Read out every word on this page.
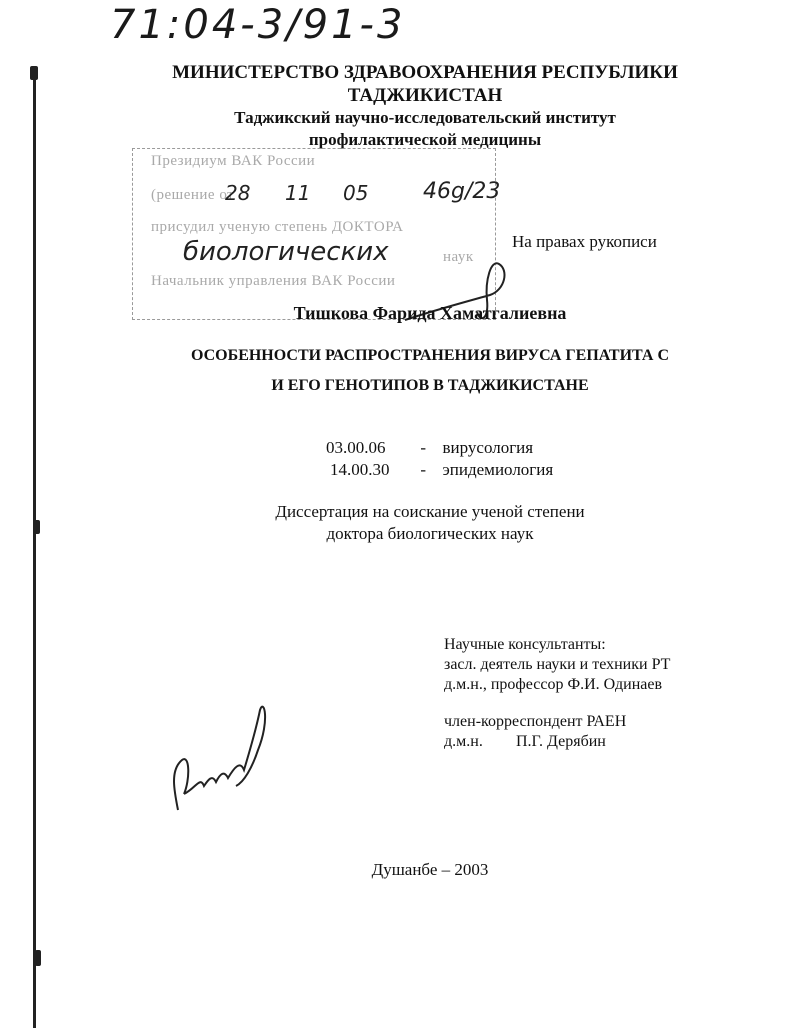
71:04-3/91-3
МИНИСТЕРСТВО ЗДРАВООХРАНЕНИЯ РЕСПУБЛИКИ
ТАДЖИКИСТАН
Таджикский научно-исследовательский институт
профилактической медицины
Президиум ВАК России
(решение от
28 11 05 46g/23
присудил ученую степень ДОКТОРА
биологических	наук
Начальник управления ВАК России
На правах рукописи
Тишкова Фарида Хаматгалиевна
ОСОБЕННОСТИ РАСПРОСТРАНЕНИЯ ВИРУСА ГЕПАТИТА С
И ЕГО ГЕНОТИПОВ В ТАДЖИКИСТАНЕ
03.00.06 - вирусология
14.00.30 - эпидемиология
Диссертация на соискание ученой степени
доктора биологических наук
Научные консультанты:
засл. деятель науки и техники РТ
д.м.н., профессор Ф.И. Одинаев
член-корреспондент РАЕН
д.м.н. П.Г. Дерябин
Душанбе – 2003
